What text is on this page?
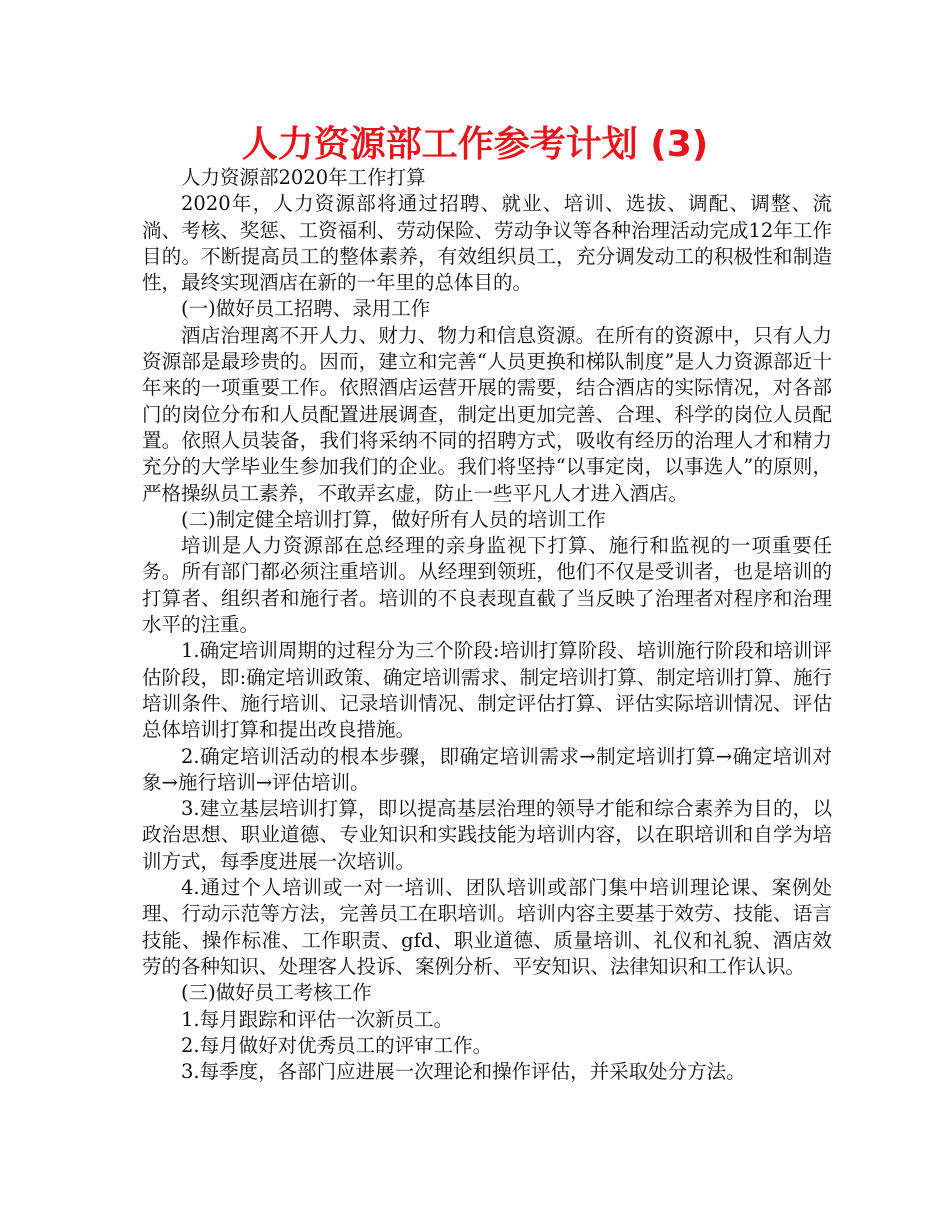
人力资源部工作参考计划 (3)

人力资源部2020年工作打算

2020年，人力资源部将通过招聘、就业、培训、选拔、调配、调整、流淌、考核、奖惩、工资福利、劳动保险、劳动争议等各种治理活动完成12年工作目的。不断提高员工的整体素养，有效组织员工，充分调发动工的积极性和制造性，最终实现酒店在新的一年里的总体目的。

(一)做好员工招聘、录用工作

酒店治理离不开人力、财力、物力和信息资源。在所有的资源中，只有人力资源部是最珍贵的。因而，建立和完善“人员更换和梯队制度”是人力资源部近十年来的一项重要工作。依照酒店运营开展的需要，结合酒店的实际情况，对各部门的岗位分布和人员配置进展调查，制定出更加完善、合理、科学的岗位人员配置。依照人员装备，我们将采纳不同的招聘方式，吸收有经历的治理人才和精力充分的大学毕业生参加我们的企业。我们将坚持“以事定岗，以事选人”的原则，严格操纵员工素养，不敢弄玄虚，防止一些平凡人才进入酒店。

(二)制定健全培训打算，做好所有人员的培训工作

培训是人力资源部在总经理的亲身监视下打算、施行和监视的一项重要任务。所有部门都必须注重培训。从经理到领班，他们不仅是受训者，也是培训的打算者、组织者和施行者。培训的不良表现直截了当反映了治理者对程序和治理水平的注重。

1.确定培训周期的过程分为三个阶段:培训打算阶段、培训施行阶段和培训评估阶段，即:确定培训政策、确定培训需求、制定培训打算、制定培训打算、施行培训条件、施行培训、记录培训情况、制定评估打算、评估实际培训情况、评估总体培训打算和提出改良措施。

2.确定培训活动的根本步骤，即确定培训需求→制定培训打算→确定培训对象→施行培训→评估培训。

3.建立基层培训打算，即以提高基层治理的领导才能和综合素养为目的，以政治思想、职业道德、专业知识和实践技能为培训内容，以在职培训和自学为培训方式，每季度进展一次培训。

4.通过个人培训或一对一培训、团队培训或部门集中培训理论课、案例处理、行动示范等方法，完善员工在职培训。培训内容主要基于效劳、技能、语言技能、操作标准、工作职责、gfd、职业道德、质量培训、礼仪和礼貌、酒店效劳的各种知识、处理客人投诉、案例分析、平安知识、法律知识和工作认识。

(三)做好员工考核工作

1.每月跟踪和评估一次新员工。

2.每月做好对优秀员工的评审工作。

3.每季度，各部门应进展一次理论和操作评估，并采取处分方法。
